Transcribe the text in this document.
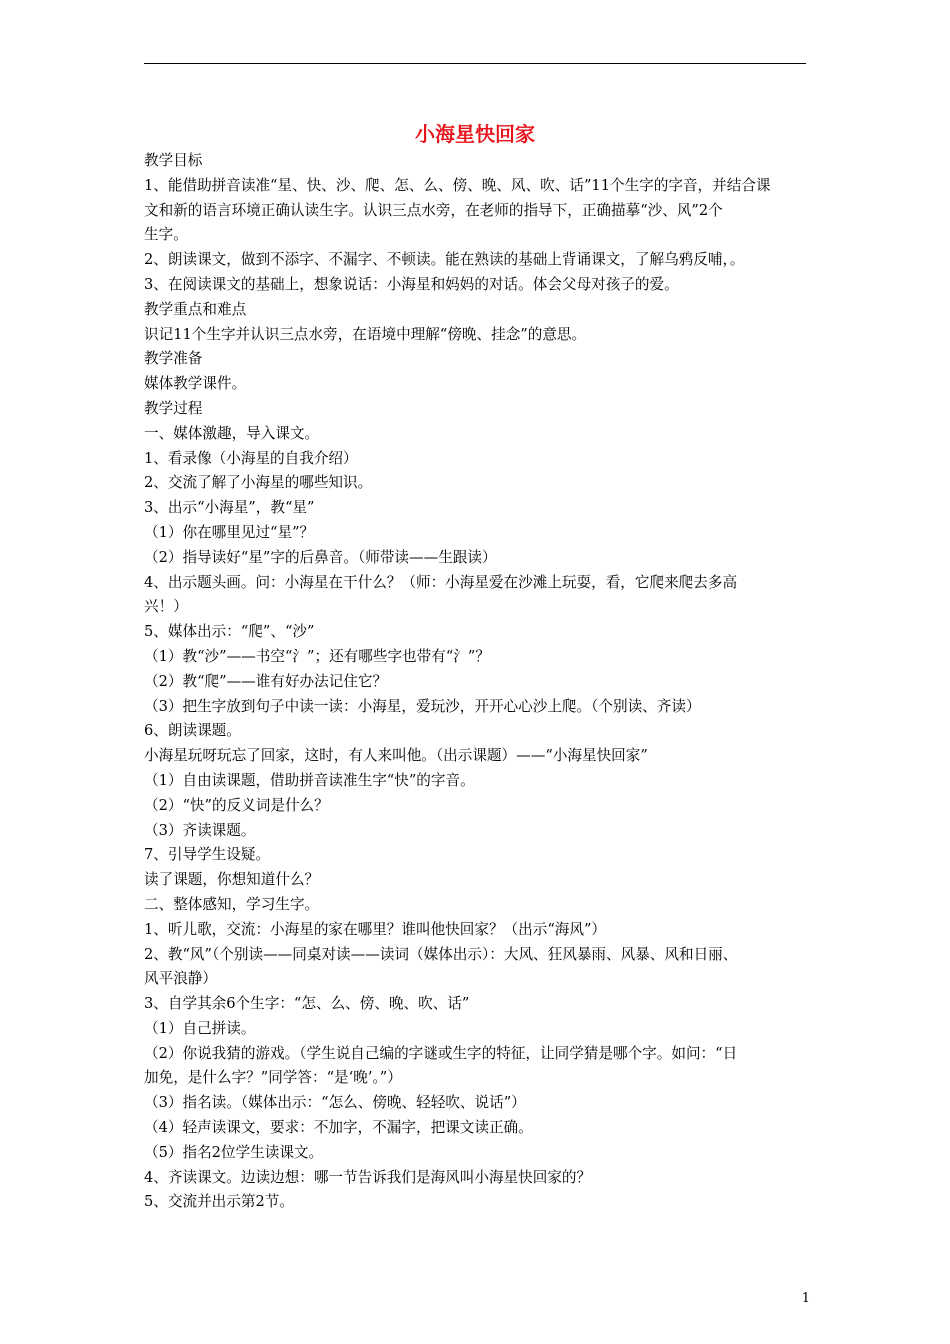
小海星快回家
教学目标
1、能借助拼音读准“星、快、沙、爬、怎、么、傍、晚、风、吹、话”11个生字的字音，并结合课
文和新的语言环境正确认读生字。认识三点水旁，在老师的指导下，正确描摹“沙、风”2个
生字。
2、朗读课文，做到不添字、不漏字、不顿读。能在熟读的基础上背诵课文，了解乌鸦反哺，。
3、在阅读课文的基础上，想象说话：小海星和妈妈的对话。体会父母对孩子的爱。
教学重点和难点
识记11个生字并认识三点水旁，在语境中理解“傍晚、挂念”的意思。
教学准备
媒体教学课件。
教学过程
一、媒体激趣，导入课文。
1、看录像（小海星的自我介绍）
2、交流了解了小海星的哪些知识。
3、出示“小海星”，教“星”
（1）你在哪里见过“星”？
（2）指导读好“星”字的后鼻音。（师带读——生跟读）
4、出示题头画。问：小海星在干什么？（师：小海星爱在沙滩上玩耍，看，它爬来爬去多高
兴！）
5、媒体出示：“爬”、“沙”
（1）教“沙”——书空“氵”；还有哪些字也带有“氵”？
（2）教“爬”——谁有好办法记住它？
（3）把生字放到句子中读一读：小海星，爱玩沙，开开心心沙上爬。（个别读、齐读）
6、朗读课题。
小海星玩呀玩忘了回家，这时，有人来叫他。（出示课题）——“小海星快回家”
（1）自由读课题，借助拼音读准生字“快”的字音。
（2）“快”的反义词是什么？
（3）齐读课题。
7、引导学生设疑。
读了课题，你想知道什么？
二、整体感知，学习生字。
1、听儿歌，交流：小海星的家在哪里？谁叫他快回家？（出示“海风”）
2、教“风”（个别读——同桌对读——读词（媒体出示）：大风、狂风暴雨、风暴、风和日丽、
风平浪静）
3、自学其余6个生字：“怎、么、傍、晚、吹、话”
（1）自己拼读。
（2）你说我猜的游戏。（学生说自己编的字谜或生字的特征，让同学猜是哪个字。如问：“日
加免，是什么字？”同学答：“是‘晚’。”）
（3）指名读。（媒体出示：“怎么、傍晚、轻轻吹、说话”）
（4）轻声读课文，要求：不加字，不漏字，把课文读正确。
（5）指名2位学生读课文。
4、齐读课文。边读边想：哪一节告诉我们是海风叫小海星快回家的？
5、交流并出示第2节。
1
